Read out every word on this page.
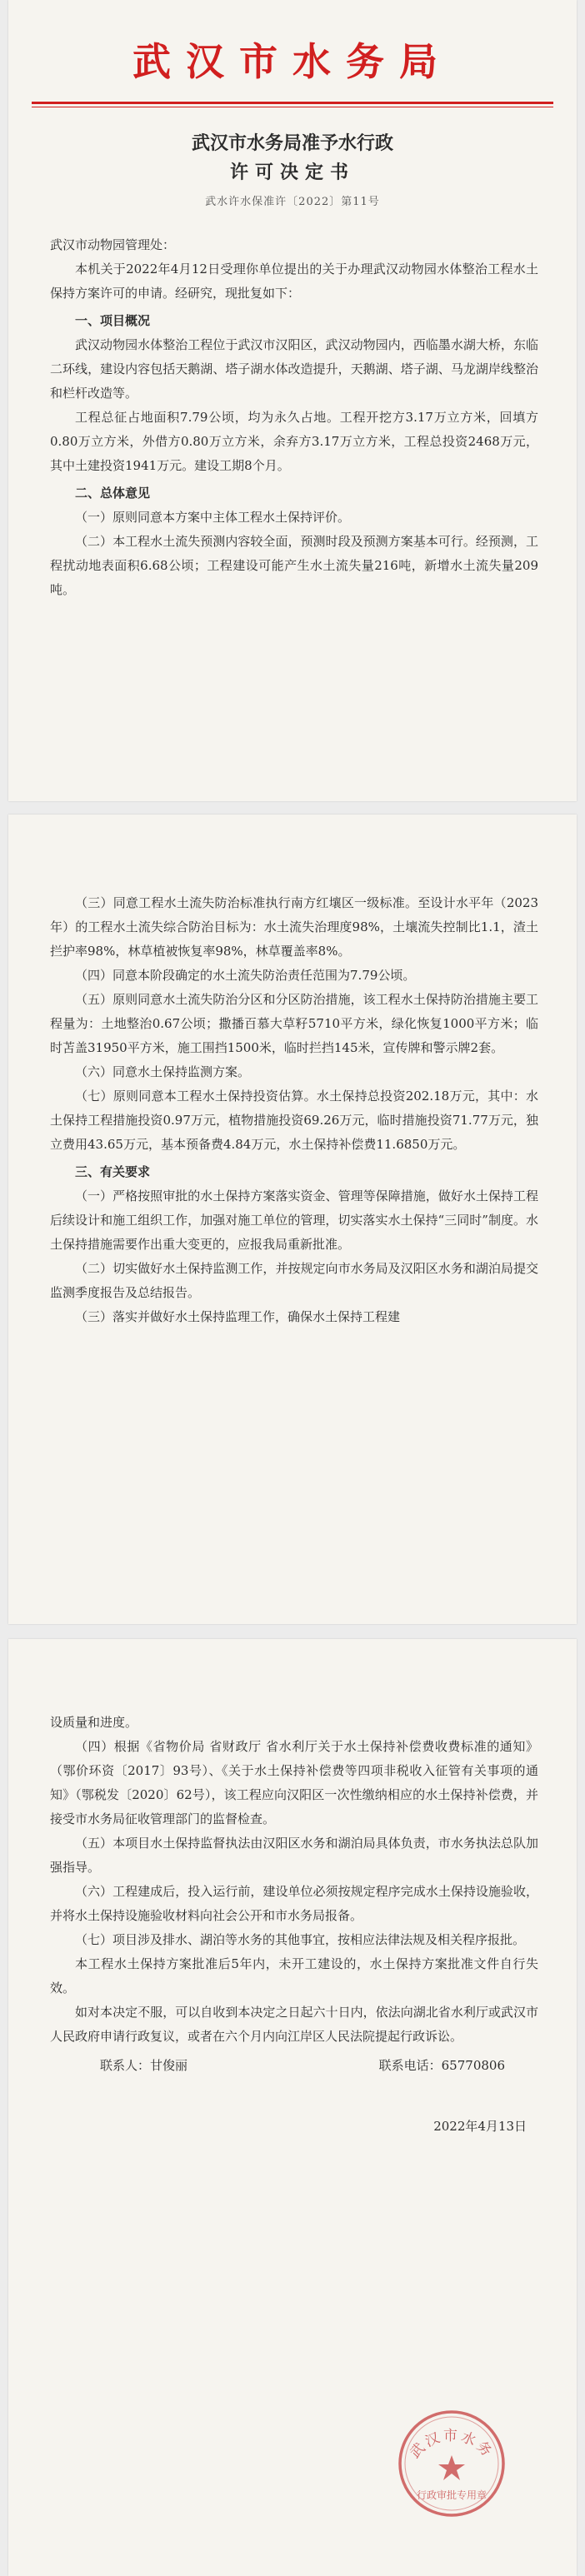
武汉市水务局
武汉市水务局准予水行政
许可决定书
武水许水保准许〔2022〕第11号

武汉市动物园管理处：

本机关于2022年4月12日受理你单位提出的关于办理武汉动物园水体整治工程水土保持方案许可的申请。经研究，现批复如下：

一、项目概况

武汉动物园水体整治工程位于武汉市汉阳区，武汉动物园内，西临墨水湖大桥，东临二环线，建设内容包括天鹅湖、塔子湖水体改造提升，天鹅湖、塔子湖、马龙湖岸线整治和栏杆改造等。

工程总征占地面积7.79公顷，均为永久占地。工程开挖方3.17万立方米，回填方0.80万立方米，外借方0.80万立方米，余弃方3.17万立方米，工程总投资2468万元，其中土建投资1941万元。建设工期8个月。

二、总体意见

（一）原则同意本方案中主体工程水土保持评价。

（二）本工程水土流失预测内容较全面，预测时段及预测方案基本可行。经预测，工程扰动地表面积6.68公顷；工程建设可能产生水土流失量216吨，新增水土流失量209吨。

（三）同意工程水土流失防治标准执行南方红壤区一级标准。至设计水平年（2023年）的工程水土流失综合防治目标为：水土流失治理度98%，土壤流失控制比1.1，渣土拦护率98%，林草植被恢复率98%，林草覆盖率8%。

（四）同意本阶段确定的水土流失防治责任范围为7.79公顷。

（五）原则同意水土流失防治分区和分区防治措施，该工程水土保持防治措施主要工程量为：土地整治0.67公顷；撒播百慕大草籽5710平方米，绿化恢复1000平方米；临时苫盖31950平方米，施工围挡1500米，临时拦挡145米，宣传牌和警示牌2套。

（六）同意水土保持监测方案。

（七）原则同意本工程水土保持投资估算。水土保持总投资202.18万元，其中：水土保持工程措施投资0.97万元，植物措施投资69.26万元，临时措施投资71.77万元，独立费用43.65万元，基本预备费4.84万元，水土保持补偿费11.6850万元。

三、有关要求

（一）严格按照审批的水土保持方案落实资金、管理等保障措施，做好水土保持工程后续设计和施工组织工作，加强对施工单位的管理，切实落实水土保持“三同时”制度。水土保持措施需要作出重大变更的，应报我局重新批准。

（二）切实做好水土保持监测工作，并按规定向市水务局及汉阳区水务和湖泊局提交监测季度报告及总结报告。

（三）落实并做好水土保持监理工作，确保水土保持工程建

设质量和进度。

（四）根据《省物价局 省财政厅 省水利厅关于水土保持补偿费收费标准的通知》（鄂价环资〔2017〕93号）、《关于水土保持补偿费等四项非税收入征管有关事项的通知》（鄂税发〔2020〕62号），该工程应向汉阳区一次性缴纳相应的水土保持补偿费，并接受市水务局征收管理部门的监督检查。

（五）本项目水土保持监督执法由汉阳区水务和湖泊局具体负责，市水务执法总队加强指导。

（六）工程建成后，投入运行前，建设单位必须按规定程序完成水土保持设施验收，并将水土保持设施验收材料向社会公开和市水务局报备。

（七）项目涉及排水、湖泊等水务的其他事宜，按相应法律法规及相关程序报批。

本工程水土保持方案批准后5年内，未开工建设的，水土保持方案批准文件自行失效。

如对本决定不服，可以自收到本决定之日起六十日内，依法向湖北省水利厅或武汉市人民政府申请行政复议，或者在六个月内向江岸区人民法院提起行政诉讼。

联系人：甘俊丽	联系电话：65770806

2022年4月13日

武汉市水务
行政审批专用章
